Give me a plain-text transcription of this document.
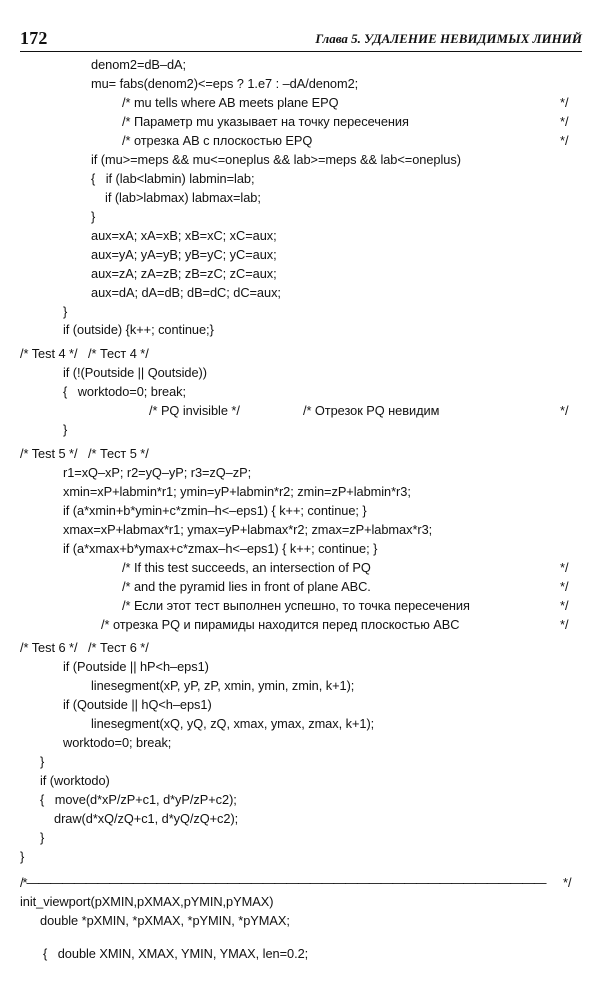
172	Глава 5. УДАЛЕНИЕ НЕВИДИМЫХ ЛИНИЙ
denom2=dB–dA;
mu= fabs(denom2)<=eps ? 1.e7 : –dA/denom2;
/* mu tells where AB meets plane EPQ	*/
/* Параметр mu указывает на точку пересечения	*/
/* отрезка AB с плоскостью EPQ	*/
if (mu>=meps && mu<=oneplus && lab>=meps && lab<=oneplus)
{   if (lab<labmin) labmin=lab;
if (lab>labmax) labmax=lab;
}
aux=xA; xA=xB; xB=xC; xC=aux;
aux=yA; yA=yB; yB=yC; yC=aux;
aux=zA; zA=zB; zB=zC; zC=aux;
aux=dA; dA=dB; dB=dC; dC=aux;
}
if (outside) {k++; continue;}
/* Test 4 */   /* Тест 4 */
if (!(Poutside || Qoutside))
{   worktodo=0; break;
/* PQ invisible */                  /* Отрезок PQ невидим	*/
}
/* Test 5 */   /* Тест 5 */
r1=xQ–xP; r2=yQ–yP; r3=zQ–zP;
xmin=xP+labmin*r1; ymin=yP+labmin*r2; zmin=zP+labmin*r3;
if (a*xmin+b*ymin+c*zmin–h<–eps1) { k++; continue; }
xmax=xP+labmax*r1; ymax=yP+labmax*r2; zmax=zP+labmax*r3;
if (a*xmax+b*ymax+c*zmax–h<–eps1) { k++; continue; }
/* If this test succeeds, an intersection of PQ	*/
/* and the pyramid lies in front of plane ABC.	*/
/* Если этот тест выполнен успешно, то точка пересечения	*/
/* отрезка PQ и пирамиды находится перед плоскостью ABC	*/
/* Test 6 */   /* Тест 6 */
if (Poutside || hP<h–eps1)
linesegment(xP, yP, zP, xmin, ymin, zmin, k+1);
if (Qoutside || hQ<h–eps1)
linesegment(xQ, yQ, zQ, xmax, ymax, zmax, k+1);
worktodo=0; break;
}
if (worktodo)
{   move(d*xP/zP+c1, d*yP/zP+c2);
draw(d*xQ/zQ+c1, d*yQ/zQ+c2);
}
}
/*———————————————————————————————————————————— */
init_viewport(pXMIN,pXMAX,pYMIN,pYMAX)
double *pXMIN, *pXMAX, *pYMIN, *pYMAX;
{   double XMIN, XMAX, YMIN, YMAX, len=0.2;
